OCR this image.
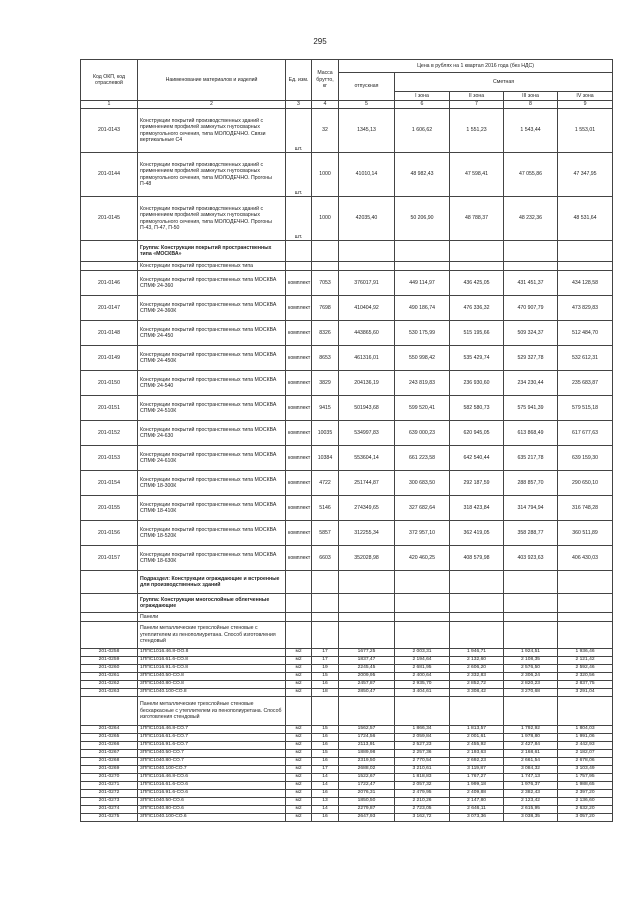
295
Код ОКП, код отраслевой	Наименование материалов и изделий	Ед. изм.	Масса брутто, кг	Цена в рублях на 1 квартал 2016 года (без НДС)				
				отпускная	Сметная			
					I зона	II зона	III зона	IV зона
1	2	3	4	5	6	7	8	9
201-0143	Конструкции покрытий производственных зданий с применением профилей замкнутых гнутосварных прямоугольного сечения, типа МОЛОДЕЧНО. Связи вертикальные С4	шт.	32	1345,13	1 606,62	1 551,23	1 543,44	1 553,01
201-0144	Конструкции покрытий производственных зданий с применением профилей замкнутых гнутосварных прямоугольного сечения, типа МОЛОДЕЧНО. Прогоны П-48	шт.	1000	41010,14	48 982,43	47 598,41	47 055,86	47 347,95
201-0145	Конструкции покрытий производственных зданий с применением профилей замкнутых гнутосварных прямоугольного сечения, типа МОЛОДЕЧНО. Прогоны П-43, П-47, П-50	шт.	1000	42035,40	50 206,90	48 788,37	48 232,36	48 531,64
	Группа: Конструкции покрытий пространственных типа «МОСКВА»							
	Конструкции покрытий пространственных типа							
201-0146	Конструкции покрытий пространственных типа МОСКВА СПМФ 24-360	комплект	7053	376017,91	449 114,97	436 425,05	431 451,37	434 128,58
201-0147	Конструкции покрытий пространственных типа МОСКВА СПМФ 24-360К	комплект	7698	410404,92	490 186,74	476 336,32	470 907,79	473 829,83
201-0148	Конструкции покрытий пространственных типа МОСКВА СПМФ 24-450	комплект	8326	443865,60	530 175,99	515 195,66	509 324,37	512 484,70
201-0149	Конструкции покрытий пространственных типа МОСКВА СПМФ 24-450К	комплект	8653	461316,01	550 998,42	535 429,74	529 327,78	532 612,31
201-0150	Конструкции покрытий пространственных типа МОСКВА СПМФ 24-540	комплект	3829	204136,19	243 819,83	236 930,60	234 230,44	235 683,87
201-0151	Конструкции покрытий пространственных типа МОСКВА СПМФ 24-510К	комплект	9415	501943,68	599 520,41	582 580,73	575 941,39	579 515,18
201-0152	Конструкции покрытий пространственных типа МОСКВА СПМФ 24-630	комплект	10035	534997,83	639 000,23	620 945,05	613 868,49	617 677,63
201-0153	Конструкции покрытий пространственных типа МОСКВА СПМФ 24-610К	комплект	10384	553604,14	661 223,58	642 540,44	635 217,78	639 159,30
201-0154	Конструкции покрытий пространственных типа МОСКВА СПМФ 18-300К	комплект	4722	251744,87	300 683,50	292 187,59	288 857,70	290 650,10
201-0155	Конструкции покрытий пространственных типа МОСКВА СПМФ 18-410К	комплект	5146	274349,65	327 682,64	318 423,84	314 794,94	316 748,28
201-0156	Конструкции покрытий пространственных типа МОСКВА СПМФ 18-520К	комплект	5857	312255,34	372 957,10	362 419,05	358 288,77	360 511,89
201-0157	Конструкции покрытий пространственных типа МОСКВА СПМФ 18-630К	комплект	6603	352028,98	420 460,25	408 579,98	403 923,63	406 430,03
	Подраздел: Конструкции ограждающие и встроенные для производственных зданий							
	Группа: Конструкции многослойные облегченные ограждающие							
	Панели							
	Панели металлические трехслойные стеновые с утеплителем из пенополиуретана. Способ изготовления стендовый							
201-0258	1ППС1016.46.8-ОО.8	м2	17	1677,25	2 003,31	1 946,71	1 924,51	1 936,46
201-0259	1ППС1016.61.6-СО.8	м2	17	1837,47	2 194,64	2 132,60	2 108,35	2 121,42
201-0260	1ППС1016.91.6-СО.8	м2	19	2245,45	2 681,95	2 606,20	2 576,50	2 592,46
201-0261	3ППС1040.50-СО.8	м2	15	2009,95	2 400,64	2 332,83	2 306,24	2 320,56
201-0262	3ППС1040.80-СО.8	м2	16	2457,87	2 935,70	2 852,72	2 820,23	2 837,75
201-0263	3ППС1040.100-СО.8	м2	18	2850,47	3 404,61	3 308,42	3 270,68	3 291,04
	Панели металлические трехслойные стеновые бескаркасные с утеплителем из пенополиуретана. Способ изготовления стендовый							
201-0264	1ППС1016.46.8-СО.7	м2	15	1562,57	1 866,34	1 813,57	1 792,92	1 804,03
201-0265	1ППС1016.61.6-СО.7	м2	16	1724,56	2 059,84	2 001,61	1 978,80	1 991,06
201-0266	1ППС1016.91.6-СО.7	м2	16	2113,91	2 527,23	2 455,92	2 427,84	2 442,93
201-0267	3ППС1040.50-СО.7	м2	15	1889,98	2 257,36	2 193,63	2 168,61	2 182,07
201-0268	3ППС1040.80-СО.7	м2	16	2319,50	2 770,54	2 692,23	2 661,54	2 678,06
201-0269	3ППС1040.100-СО.7	м2	17	2688,02	3 210,61	3 119,87	3 084,32	3 103,49
201-0270	1ППС1016.46.8-СО.6	м2	14	1522,67	1 818,83	1 767,27	1 747,13	1 757,95
201-0271	1ППС1016.61.6-СО.6	м2	14	1722,47	2 057,32	1 999,18	1 976,37	1 988,65
201-0272	1ППС1016.91.6-СО.6	м2	16	2076,31	2 479,95	2 409,88	2 382,43	2 397,20
201-0273	3ППС1040.50-СО.6	м2	13	1850,50	2 210,26	2 147,80	2 123,42	2 136,60
201-0274	3ППС1040.80-СО.6	м2	14	2279,87	2 723,05	2 646,11	2 615,95	2 632,20
201-0275	3ППС1040.100-СО.6	м2	16	2647,93	3 162,72	3 073,36	3 038,35	3 057,20
